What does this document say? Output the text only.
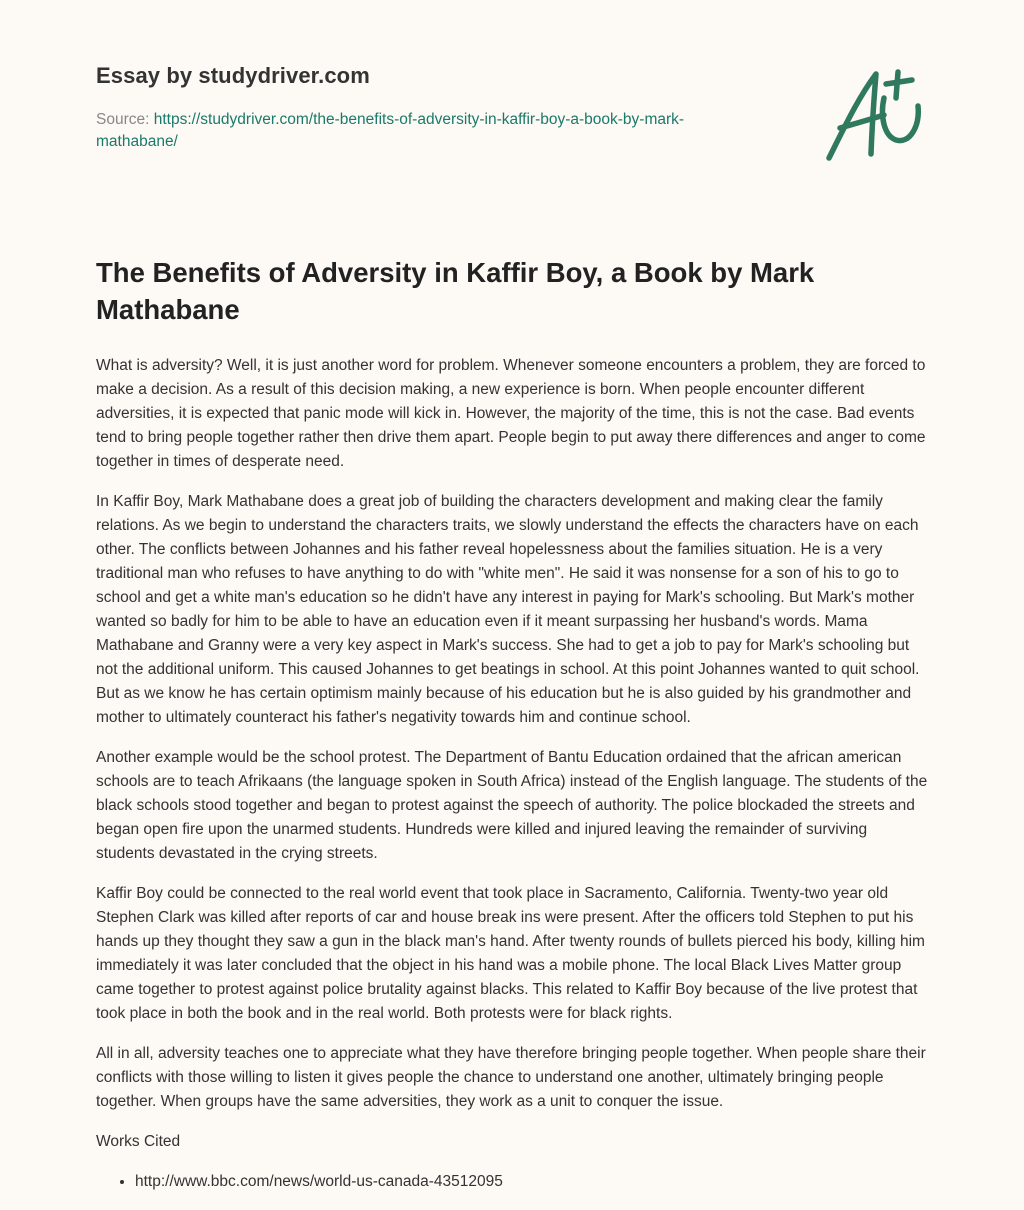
Essay by studydriver.com
Source: https://studydriver.com/the-benefits-of-adversity-in-kaffir-boy-a-book-by-mark-mathabane/
The Benefits of Adversity in Kaffir Boy, a Book by Mark Mathabane

What is adversity? Well, it is just another word for problem. Whenever someone encounters a problem, they are forced to make a decision. As a result of this decision making, a new experience is born. When people encounter different adversities, it is expected that panic mode will kick in. However, the majority of the time, this is not the case. Bad events tend to bring people together rather then drive them apart. People begin to put away there differences and anger to come together in times of desperate need.

In Kaffir Boy, Mark Mathabane does a great job of building the characters development and making clear the family relations. As we begin to understand the characters traits, we slowly understand the effects the characters have on each other. The conflicts between Johannes and his father reveal hopelessness about the families situation. He is a very traditional man who refuses to have anything to do with "white men". He said it was nonsense for a son of his to go to school and get a white man's education so he didn't have any interest in paying for Mark's schooling. But Mark's mother wanted so badly for him to be able to have an education even if it meant surpassing her husband's words. Mama Mathabane and Granny were a very key aspect in Mark's success. She had to get a job to pay for Mark's schooling but not the additional uniform. This caused Johannes to get beatings in school. At this point Johannes wanted to quit school. But as we know he has certain optimism mainly because of his education but he is also guided by his grandmother and mother to ultimately counteract his father's negativity towards him and continue school.

Another example would be the school protest. The Department of Bantu Education ordained that the african american schools are to teach Afrikaans (the language spoken in South Africa) instead of the English language. The students of the black schools stood together and began to protest against the speech of authority. The police blockaded the streets and began open fire upon the unarmed students. Hundreds were killed and injured leaving the remainder of surviving students devastated in the crying streets.

Kaffir Boy could be connected to the real world event that took place in Sacramento, California. Twenty-two year old Stephen Clark was killed after reports of car and house break ins were present. After the officers told Stephen to put his hands up they thought they saw a gun in the black man's hand. After twenty rounds of bullets pierced his body, killing him immediately it was later concluded that the object in his hand was a mobile phone. The local Black Lives Matter group came together to protest against police brutality against blacks. This related to Kaffir Boy because of the live protest that took place in both the book and in the real world. Both protests were for black rights.

All in all, adversity teaches one to appreciate what they have therefore bringing people together. When people share their conflicts with those willing to listen it gives people the chance to understand one another, ultimately bringing people together. When groups have the same adversities, they work as a unit to conquer the issue.

Works Cited

• http://www.bbc.com/news/world-us-canada-43512095
